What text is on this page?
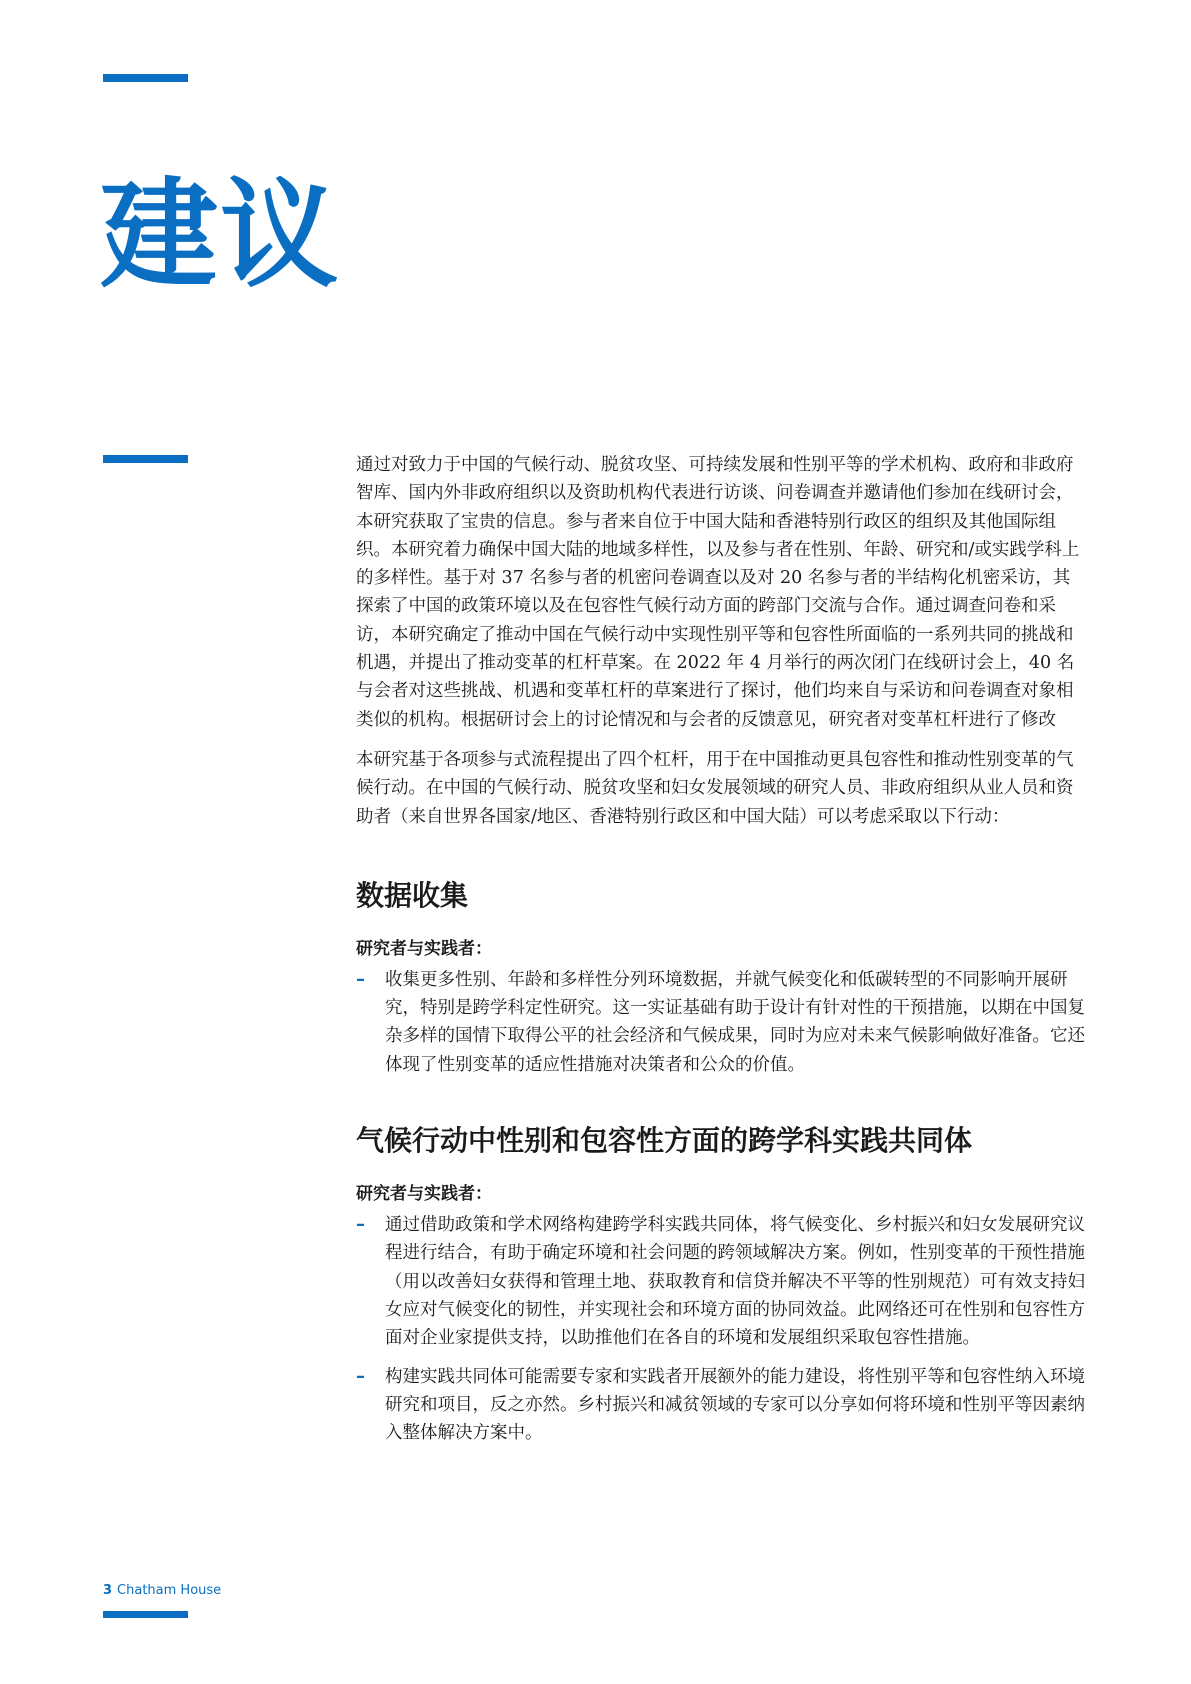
建议

通过对致力于中国的气候行动、脱贫攻坚、可持续发展和性别平等的学术机构、政府和非政府智库、国内外非政府组织以及资助机构代表进行访谈、问卷调查并邀请他们参加在线研讨会，本研究获取了宝贵的信息。参与者来自位于中国大陆和香港特别行政区的组织及其他国际组织。本研究着力确保中国大陆的地域多样性，以及参与者在性别、年龄、研究和/或实践学科上的多样性。基于对 37 名参与者的机密问卷调查以及对 20 名参与者的半结构化机密采访，其探索了中国的政策环境以及在包容性气候行动方面的跨部门交流与合作。通过调查问卷和采访，本研究确定了推动中国在气候行动中实现性别平等和包容性所面临的一系列共同的挑战和机遇，并提出了推动变革的杠杆草案。在 2022 年 4 月举行的两次闭门在线研讨会上，40 名与会者对这些挑战、机遇和变革杠杆的草案进行了探讨，他们均来自与采访和问卷调查对象相类似的机构。根据研讨会上的讨论情况和与会者的反馈意见，研究者对变革杠杆进行了修改

本研究基于各项参与式流程提出了四个杠杆，用于在中国推动更具包容性和推动性别变革的气候行动。在中国的气候行动、脱贫攻坚和妇女发展领域的研究人员、非政府组织从业人员和资助者（来自世界各国家/地区、香港特别行政区和中国大陆）可以考虑采取以下行动：

数据收集
研究者与实践者：
–	收集更多性别、年龄和多样性分列环境数据，并就气候变化和低碳转型的不同影响开展研究，特别是跨学科定性研究。这一实证基础有助于设计有针对性的干预措施，以期在中国复杂多样的国情下取得公平的社会经济和气候成果，同时为应对未来气候影响做好准备。它还体现了性别变革的适应性措施对决策者和公众的价值。

气候行动中性别和包容性方面的跨学科实践共同体
研究者与实践者：
–	通过借助政策和学术网络构建跨学科实践共同体，将气候变化、乡村振兴和妇女发展研究议程进行结合，有助于确定环境和社会问题的跨领域解决方案。例如，性别变革的干预性措施（用以改善妇女获得和管理土地、获取教育和信贷并解决不平等的性别规范）可有效支持妇女应对气候变化的韧性，并实现社会和环境方面的协同效益。此网络还可在性别和包容性方面对企业家提供支持，以助推他们在各自的环境和发展组织采取包容性措施。

–	构建实践共同体可能需要专家和实践者开展额外的能力建设，将性别平等和包容性纳入环境研究和项目，反之亦然。乡村振兴和减贫领域的专家可以分享如何将环境和性别平等因素纳入整体解决方案中。

3 Chatham House
